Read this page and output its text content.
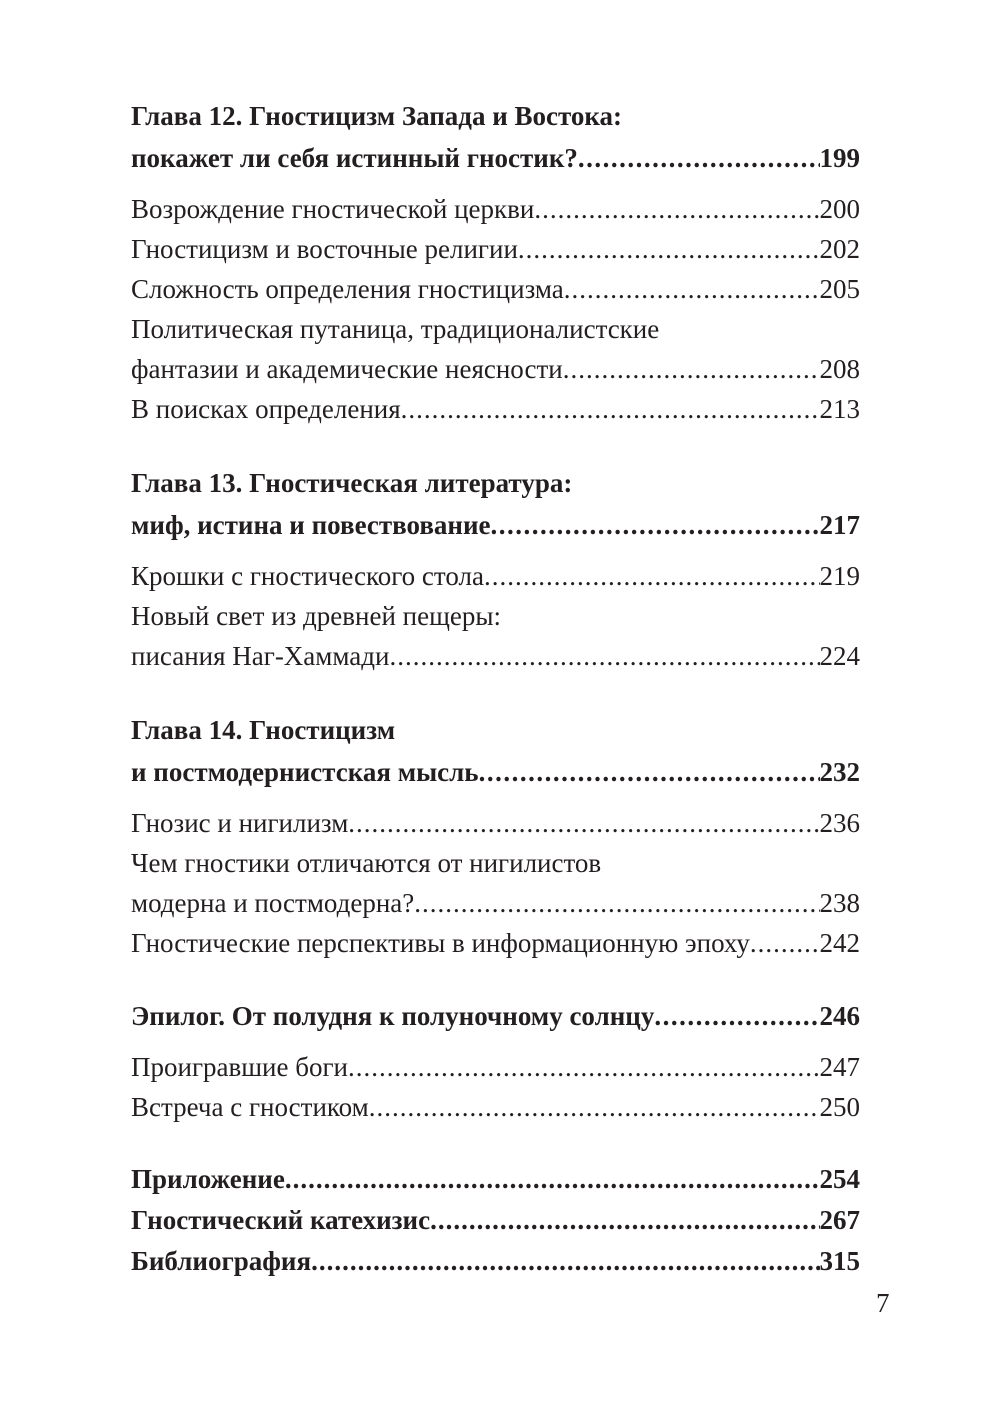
Глава 12. Гностицизм Запада и Востока:
покажет ли себя истинный гностик? .....	199
Возрождение гностической церкви .....	200
Гностицизм и восточные религии .....	202
Сложность определения гностицизма .....	205
Политическая путаница, традиционалистские
фантазии и академические неясности .....	208
В поисках определения .....	213
Глава 13. Гностическая литература:
миф, истина и повествование .....	217
Крошки с гностического стола .....	219
Новый свет из древней пещеры:
писания Наг-Хаммади .....	224
Глава 14. Гностицизм
и постмодернистская мысль .....	232
Гнозис и нигилизм .....	236
Чем гностики отличаются от нигилистов
модерна и постмодерна? .....	238
Гностические перспективы в информационную эпоху .....	242
Эпилог. От полудня к полуночному солнцу .....	246
Проигравшие боги .....	247
Встреча с гностиком .....	250
Приложение .....	254
Гностический катехизис .....	267
Библиография .....	315
7
